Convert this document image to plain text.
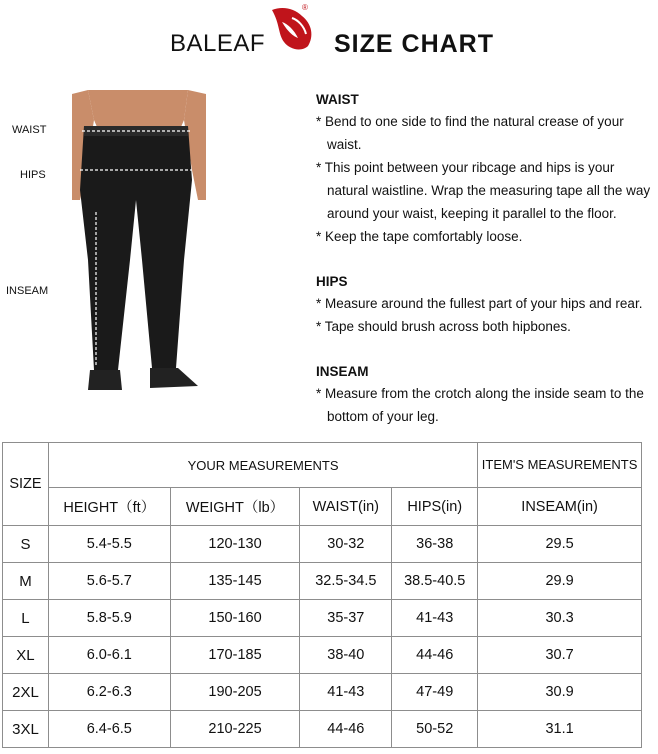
BALEAF
®
SIZE CHART
WAIST
HIPS
INSEAM
WAIST
* Bend to one side to find the natural crease of your waist.
* This point between your ribcage and hips is your natural waistline. Wrap the measuring tape all the way around your waist, keeping it parallel to the floor.
* Keep the tape comfortably loose.
HIPS
* Measure around the fullest part of your hips and rear.
* Tape should brush across both hipbones.
INSEAM
* Measure from the crotch along the inside seam to the bottom of your leg.
SIZE	YOUR MEASUREMENTS				ITEM'S MEASUREMENTS
	HEIGHT（ft）	WEIGHT（lb）	WAIST(in)	HIPS(in)	INSEAM(in)
S	5.4-5.5	120-130	30-32	36-38	29.5
M	5.6-5.7	135-145	32.5-34.5	38.5-40.5	29.9
L	5.8-5.9	150-160	35-37	41-43	30.3
XL	6.0-6.1	170-185	38-40	44-46	30.7
2XL	6.2-6.3	190-205	41-43	47-49	30.9
3XL	6.4-6.5	210-225	44-46	50-52	31.1
